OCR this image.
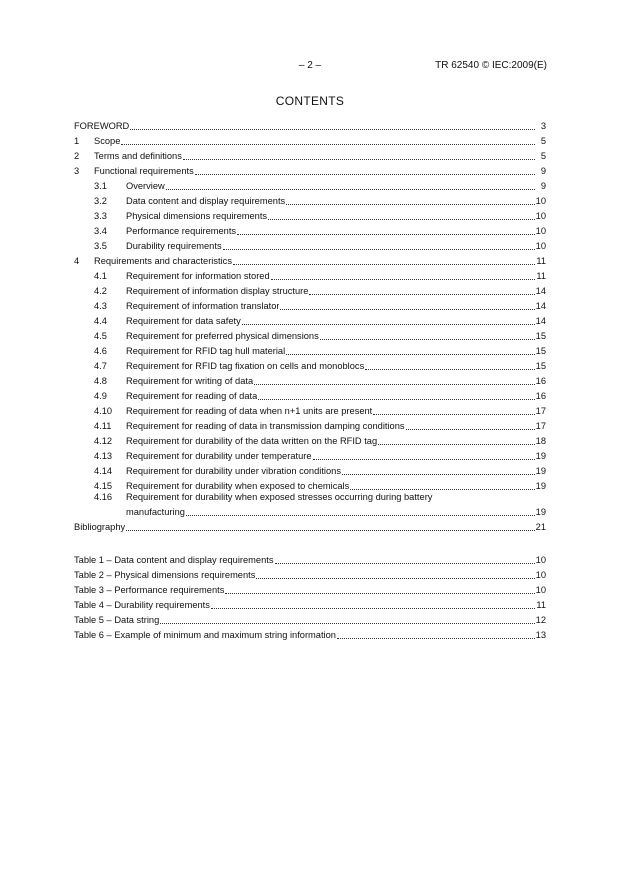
– 2 –	TR 62540 © IEC:2009(E)
CONTENTS
FOREWORD	3
1	Scope	5
2	Terms and definitions	5
3	Functional requirements	9
3.1	Overview	9
3.2	Data content and display requirements	10
3.3	Physical dimensions requirements	10
3.4	Performance requirements	10
3.5	Durability requirements	10
4	Requirements and characteristics	11
4.1	Requirement for information stored	11
4.2	Requirement of information display structure	14
4.3	Requirement of information translator	14
4.4	Requirement for data safety	14
4.5	Requirement for preferred physical dimensions	15
4.6	Requirement for RFID tag hull material	15
4.7	Requirement for RFID tag fixation on cells and monoblocs	15
4.8	Requirement for writing of data	16
4.9	Requirement for reading of data	16
4.10	Requirement for reading of data when n+1 units are present	17
4.11	Requirement for reading of data in transmission damping conditions	17
4.12	Requirement for durability of the data written on the RFID tag	18
4.13	Requirement for durability under temperature	19
4.14	Requirement for durability under vibration conditions	19
4.15	Requirement for durability when exposed to chemicals	19
4.16	Requirement for durability when exposed stresses occurring during battery
manufacturing	19
Bibliography	21
Table 1 – Data content and display requirements	10
Table 2 – Physical dimensions requirements	10
Table 3 – Performance requirements	10
Table 4 – Durability requirements	11
Table 5 – Data string	12
Table 6 – Example of minimum and maximum string information	13
